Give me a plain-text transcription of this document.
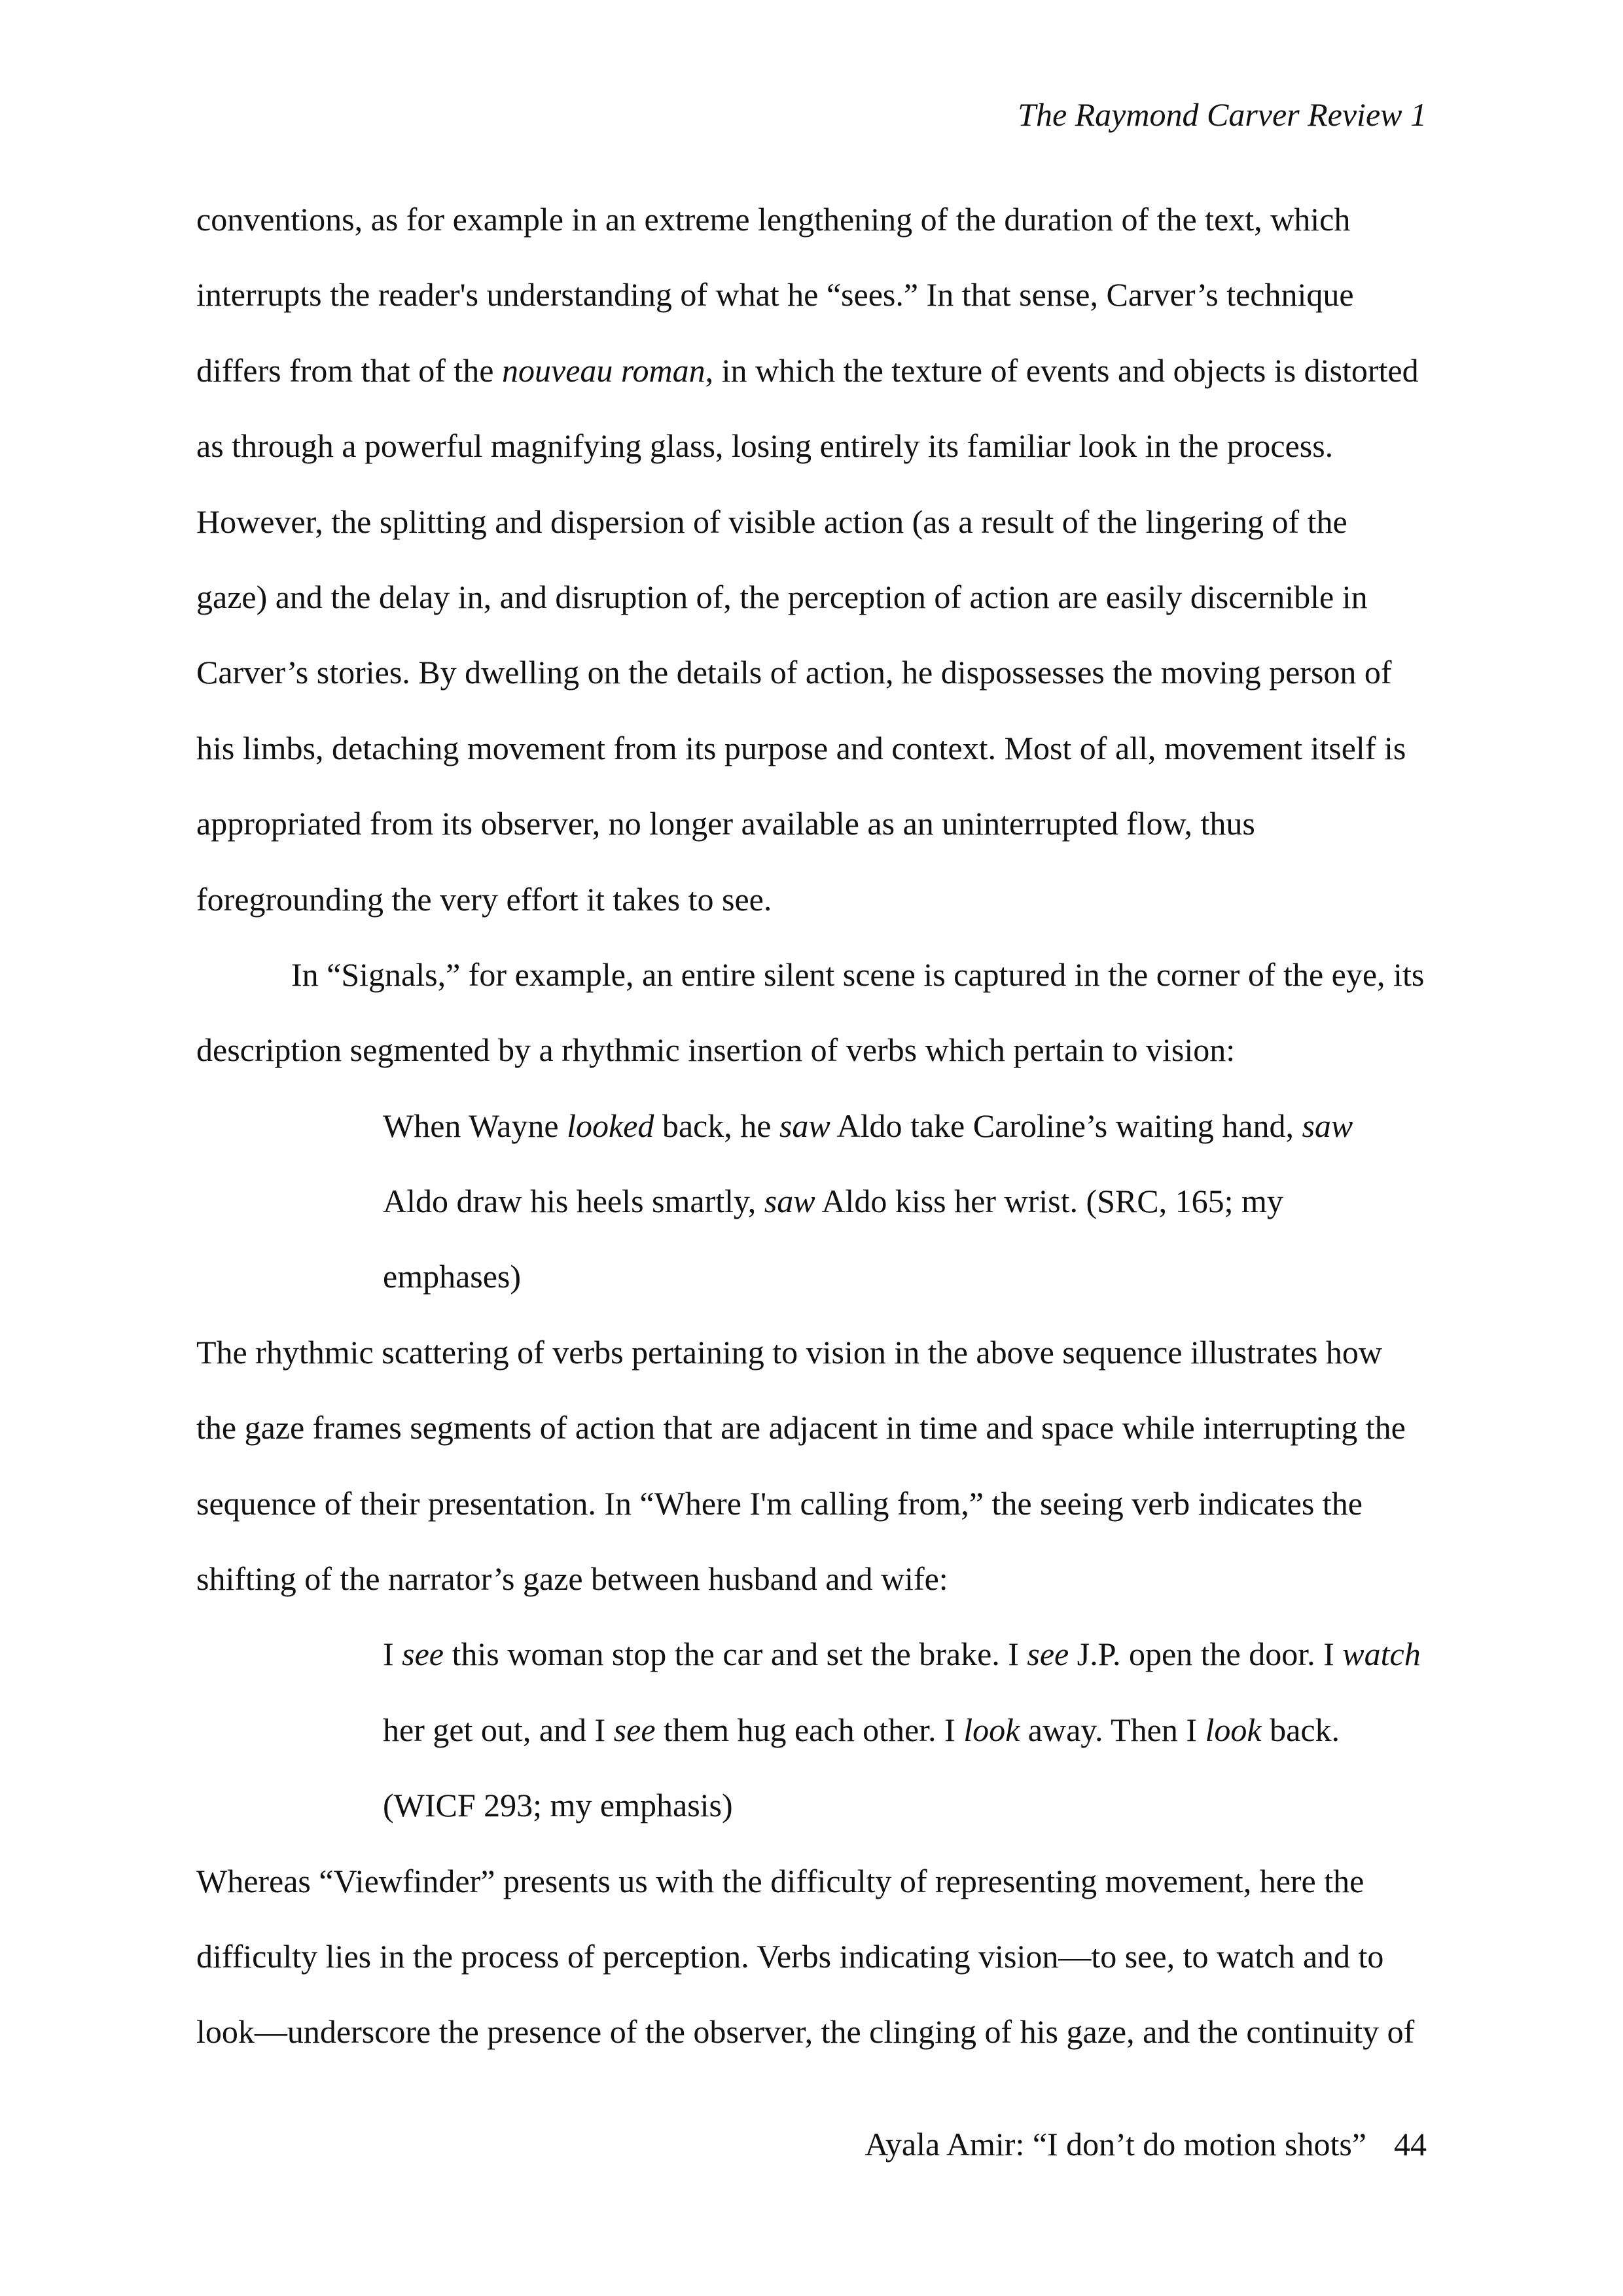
The Raymond Carver Review 1
conventions, as for example in an extreme lengthening of the duration of the text, which
interrupts the reader's understanding of what he “sees.” In that sense, Carver’s technique
differs from that of the nouveau roman, in which the texture of events and objects is distorted
as through a powerful magnifying glass, losing entirely its familiar look in the process.
However, the splitting and dispersion of visible action (as a result of the lingering of the
gaze) and the delay in, and disruption of, the perception of action are easily discernible in
Carver’s stories. By dwelling on the details of action, he dispossesses the moving person of
his limbs, detaching movement from its purpose and context. Most of all, movement itself is
appropriated from its observer, no longer available as an uninterrupted flow, thus
foregrounding the very effort it takes to see.
In “Signals,” for example, an entire silent scene is captured in the corner of the eye, its
description segmented by a rhythmic insertion of verbs which pertain to vision:
When Wayne looked back, he saw Aldo take Caroline’s waiting hand, saw
Aldo draw his heels smartly, saw Aldo kiss her wrist. (SRC, 165; my
emphases)
The rhythmic scattering of verbs pertaining to vision in the above sequence illustrates how
the gaze frames segments of action that are adjacent in time and space while interrupting the
sequence of their presentation. In “Where I'm calling from,” the seeing verb indicates the
shifting of the narrator’s gaze between husband and wife:
I see this woman stop the car and set the brake. I see J.P. open the door. I watch
her get out, and I see them hug each other. I look away. Then I look back.
(WICF 293; my emphasis)
Whereas “Viewfinder” presents us with the difficulty of representing movement, here the
difficulty lies in the process of perception. Verbs indicating vision—to see, to watch and to
look—underscore the presence of the observer, the clinging of his gaze, and the continuity of
Ayala Amir: “I don’t do motion shots” 44
